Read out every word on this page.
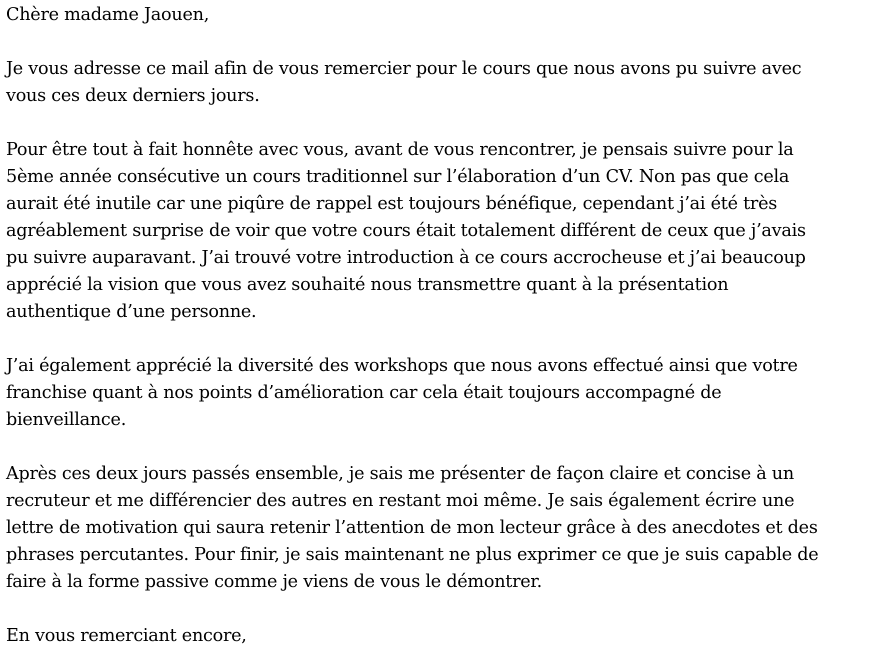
Chère madame Jaouen,
Je vous adresse ce mail afin de vous remercier pour le cours que nous avons pu suivre avec
vous ces deux derniers jours.
Pour être tout à fait honnête avec vous, avant de vous rencontrer, je pensais suivre pour la
5ème année consécutive un cours traditionnel sur l’élaboration d’un CV. Non pas que cela
aurait été inutile car une piqûre de rappel est toujours bénéfique, cependant j’ai été très
agréablement surprise de voir que votre cours était totalement différent de ceux que j’avais
pu suivre auparavant. J’ai trouvé votre introduction à ce cours accrocheuse et j’ai beaucoup
apprécié la vision que vous avez souhaité nous transmettre quant à la présentation
authentique d’une personne.
J’ai également apprécié la diversité des workshops que nous avons effectué ainsi que votre
franchise quant à nos points d’amélioration car cela était toujours accompagné de
bienveillance.
Après ces deux jours passés ensemble, je sais me présenter de façon claire et concise à un
recruteur et me différencier des autres en restant moi même. Je sais également écrire une
lettre de motivation qui saura retenir l’attention de mon lecteur grâce à des anecdotes et des
phrases percutantes. Pour finir, je sais maintenant ne plus exprimer ce que je suis capable de
faire à la forme passive comme je viens de vous le démontrer.
En vous remerciant encore,
